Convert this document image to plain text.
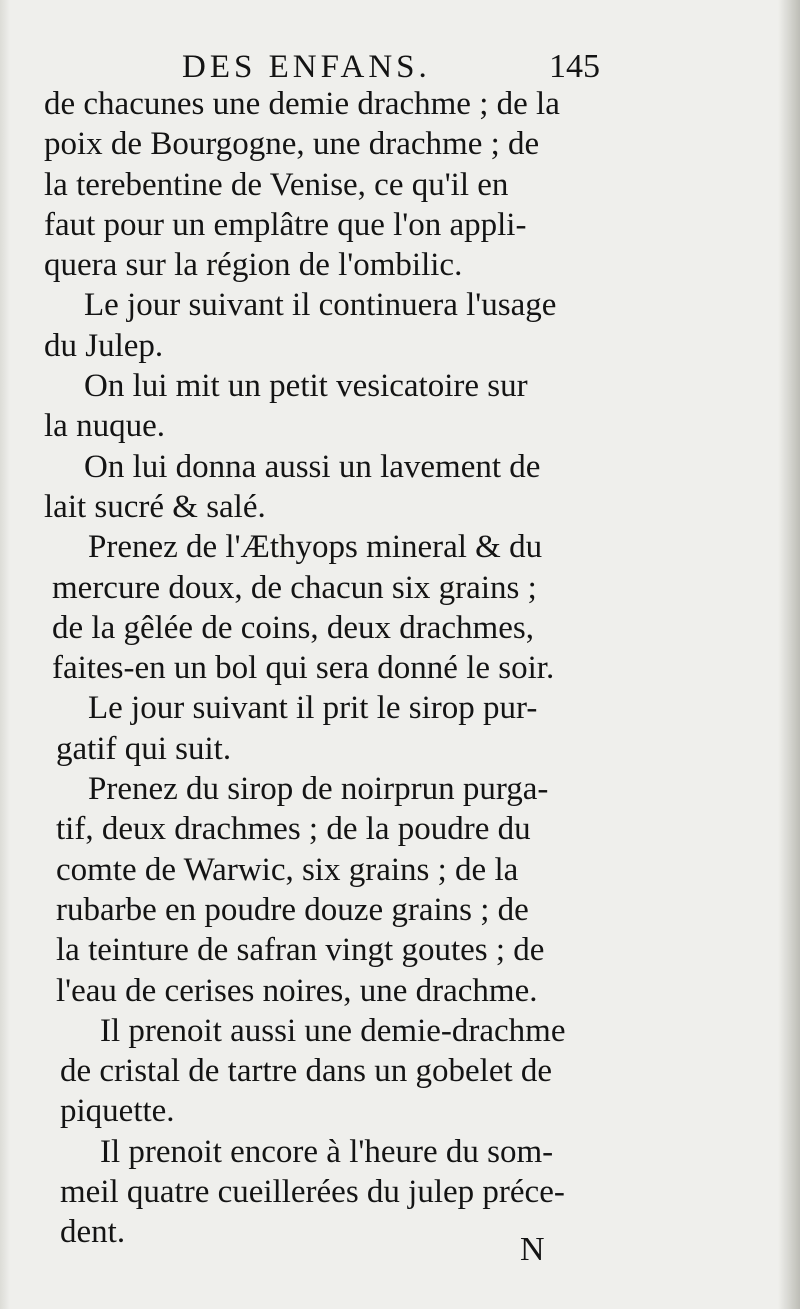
DES ENFANS.	145
de chacunes une demie drachme ; de la
poix de Bourgogne, une drachme ; de
la terebentine de Venise, ce qu'il en
faut pour un emplâtre que l'on appli-
quera sur la région de l'ombilic.
Le jour suivant il continuera l'usage
du Julep.
On lui mit un petit vesicatoire sur
la nuque.
On lui donna aussi un lavement de
lait sucré & salé.
Prenez de l'Æthyops mineral & du
mercure doux, de chacun six grains ;
de la gêlée de coins, deux drachmes,
faites-en un bol qui sera donné le soir.
Le jour suivant il prit le sirop pur-
gatif qui suit.
Prenez du sirop de noirprun purga-
tif, deux drachmes ; de la poudre du
comte de Warwic, six grains ; de la
rubarbe en poudre douze grains ; de
la teinture de safran vingt goutes ; de
l'eau de cerises noires, une drachme.
Il prenoit aussi une demie-drachme
de cristal de tartre dans un gobelet de
piquette.
Il prenoit encore à l'heure du som-
meil quatre cueillerées du julep préce-
dent.	N
